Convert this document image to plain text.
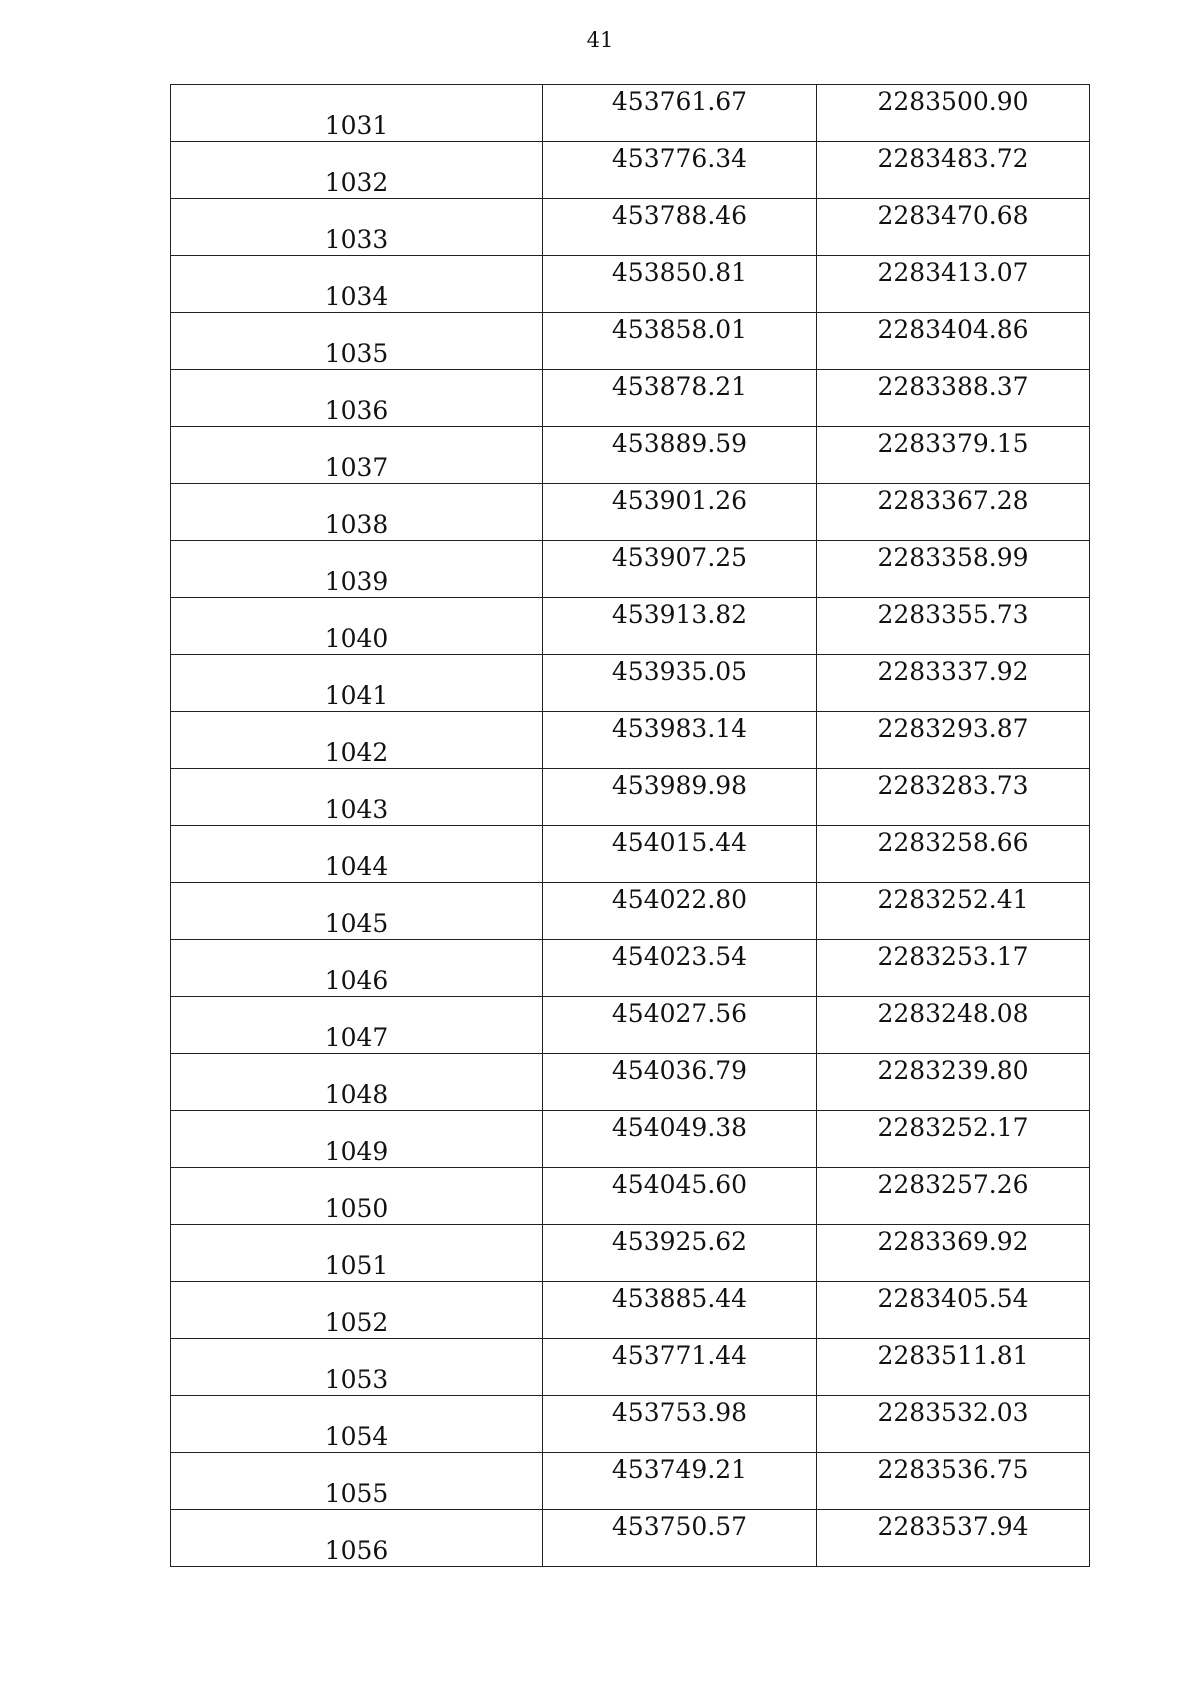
41
1031	453761.67	2283500.90
1032	453776.34	2283483.72
1033	453788.46	2283470.68
1034	453850.81	2283413.07
1035	453858.01	2283404.86
1036	453878.21	2283388.37
1037	453889.59	2283379.15
1038	453901.26	2283367.28
1039	453907.25	2283358.99
1040	453913.82	2283355.73
1041	453935.05	2283337.92
1042	453983.14	2283293.87
1043	453989.98	2283283.73
1044	454015.44	2283258.66
1045	454022.80	2283252.41
1046	454023.54	2283253.17
1047	454027.56	2283248.08
1048	454036.79	2283239.80
1049	454049.38	2283252.17
1050	454045.60	2283257.26
1051	453925.62	2283369.92
1052	453885.44	2283405.54
1053	453771.44	2283511.81
1054	453753.98	2283532.03
1055	453749.21	2283536.75
1056	453750.57	2283537.94
